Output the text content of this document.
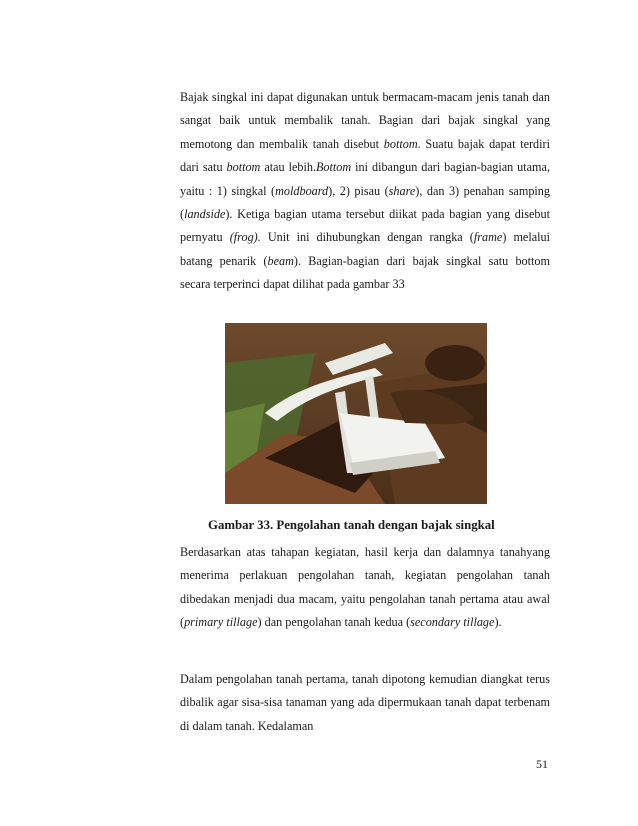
Bajak singkal ini dapat digunakan untuk bermacam-macam jenis tanah dan sangat baik untuk membalik tanah. Bagian dari bajak singkal yang memotong dan membalik tanah disebut bottom. Suatu bajak dapat terdiri dari satu bottom atau lebih.Bottom ini dibangun dari bagian-bagian utama, yaitu : 1) singkal (moldboard), 2) pisau (share), dan 3) penahan samping (landside). Ketiga bagian utama tersebut diikat pada bagian yang disebut pernyatu (frog). Unit ini dihubungkan dengan rangka (frame) melalui batang penarik (beam). Bagian-bagian dari bajak singkal satu bottom secara terperinci dapat dilihat pada gambar 33

Gambar 33. Pengolahan tanah dengan bajak singkal

Berdasarkan atas tahapan kegiatan, hasil kerja dan dalamnya tanahyang menerima perlakuan pengolahan tanah, kegiatan pengolahan tanah dibedakan menjadi dua macam, yaitu pengolahan tanah pertama atau awal (primary tillage) dan pengolahan tanah kedua (secondary tillage).

Dalam pengolahan tanah pertama, tanah dipotong kemudian diangkat terus dibalik agar sisa-sisa tanaman yang ada dipermukaan tanah dapat terbenam di dalam tanah. Kedalaman

51
